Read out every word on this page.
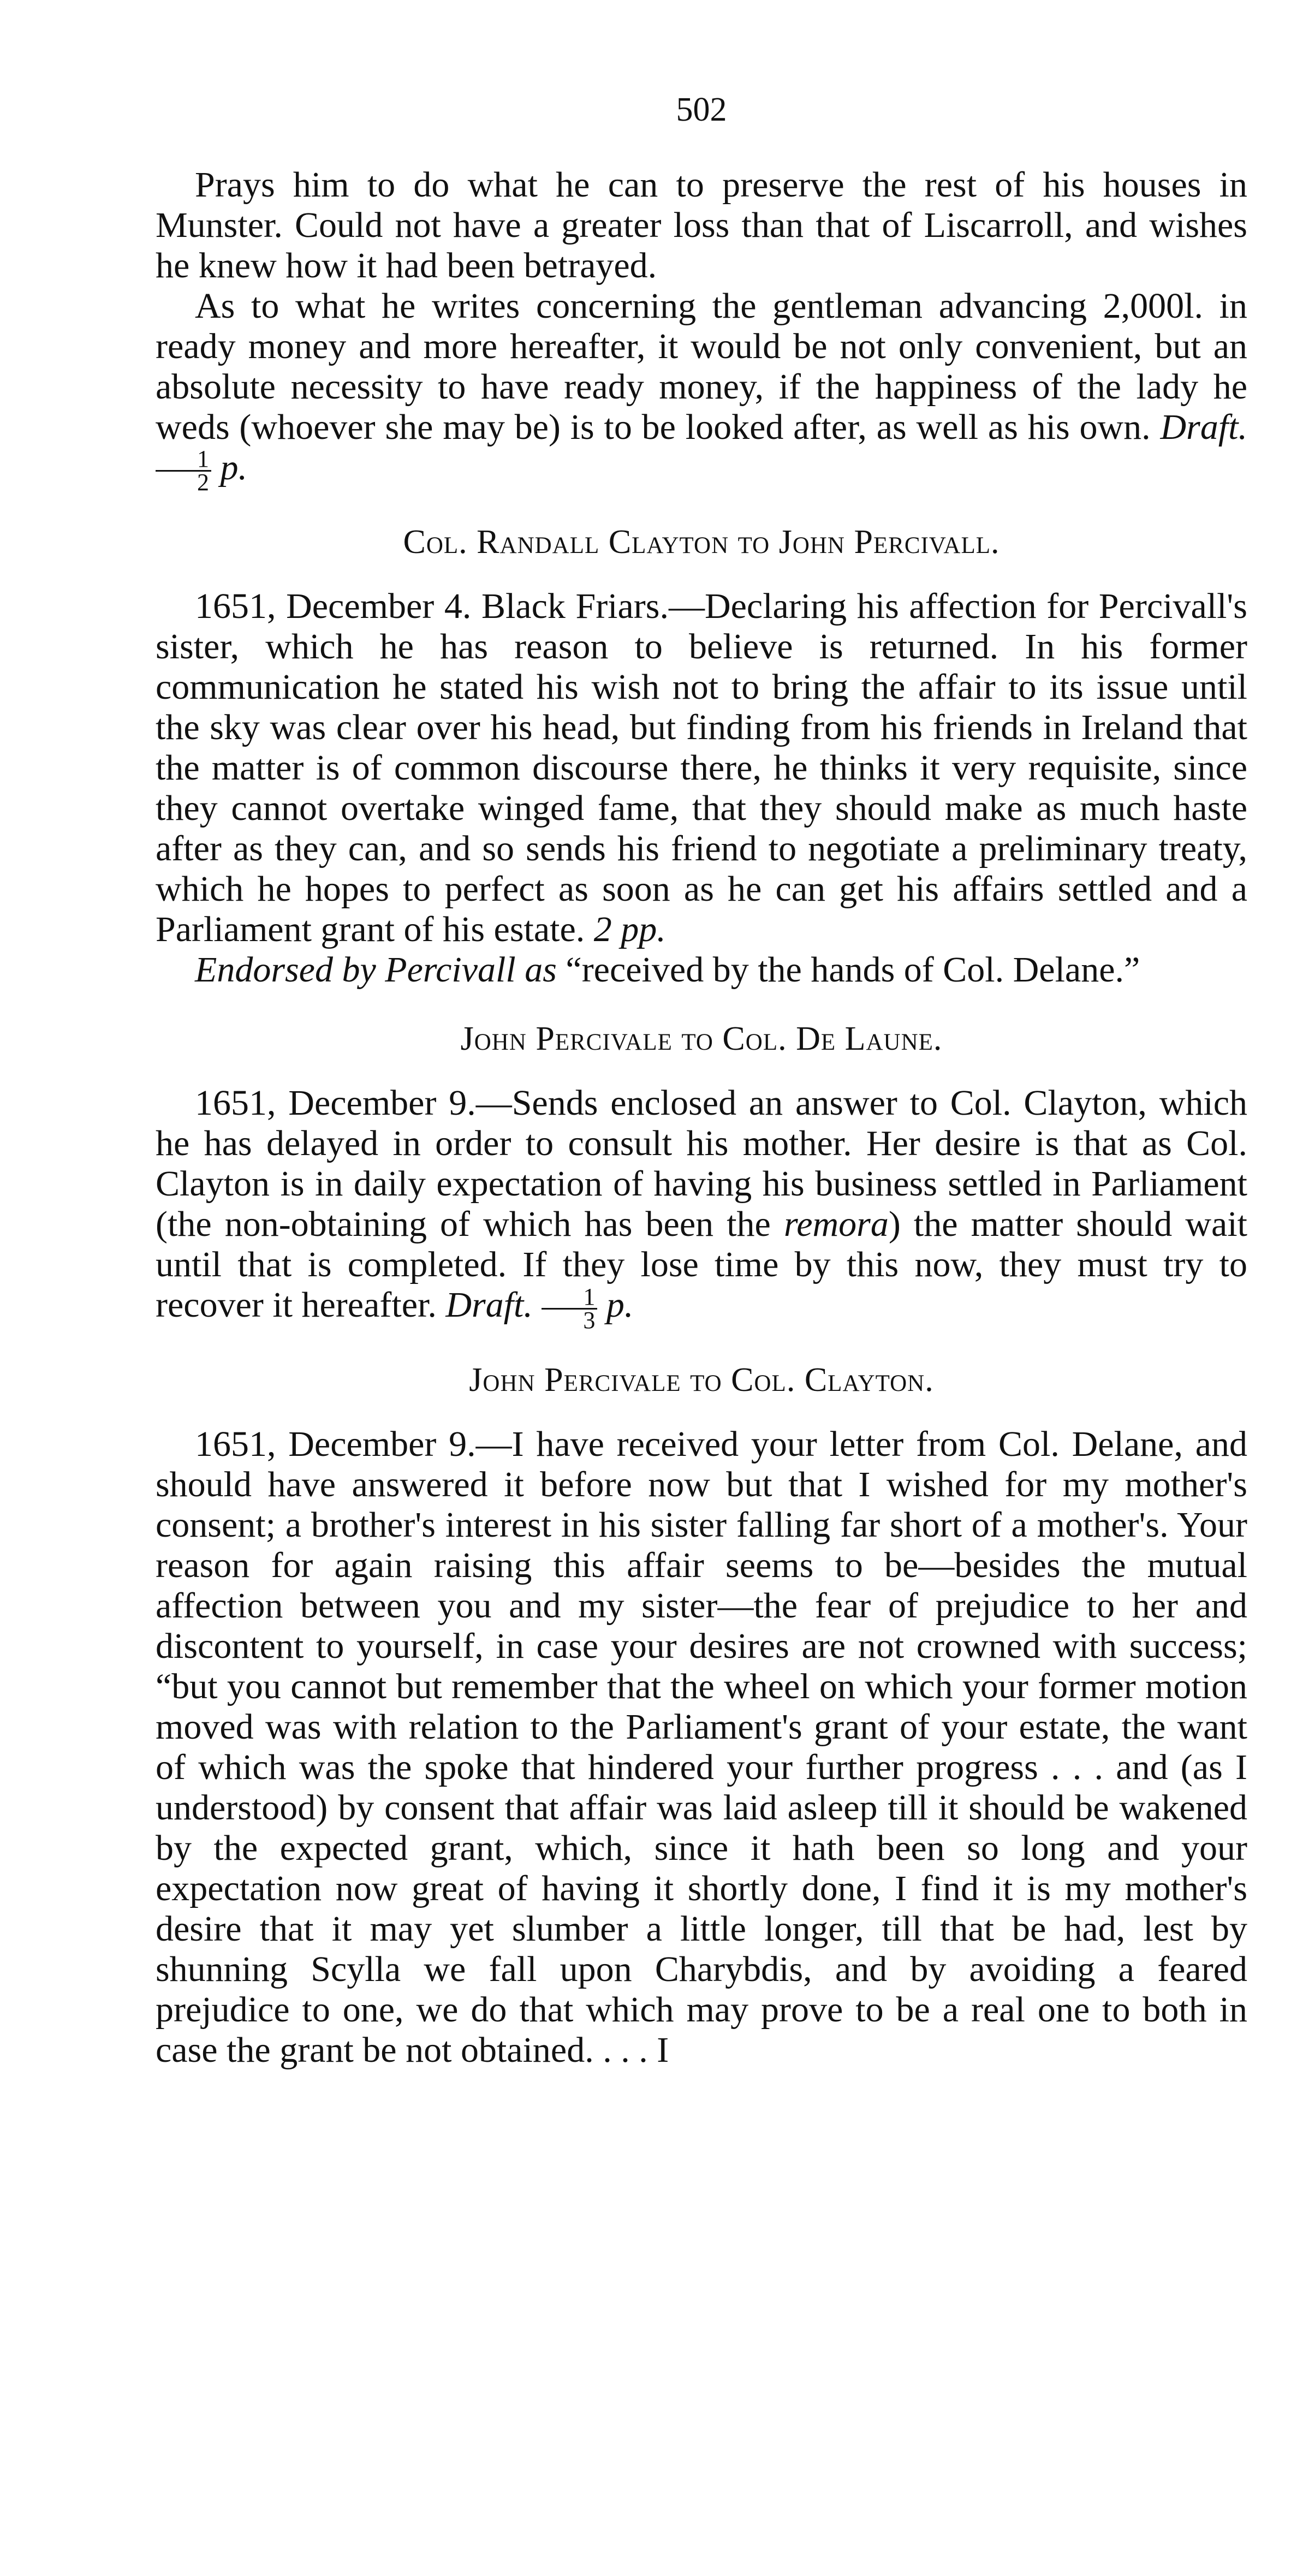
502

Prays him to do what he can to preserve the rest of his houses in Munster. Could not have a greater loss than that of Liscarroll, and wishes he knew how it had been betrayed.

As to what he writes concerning the gentleman advancing 2,000l. in ready money and more hereafter, it would be not only convenient, but an absolute necessity to have ready money, if the happiness of the lady he weds (whoever she may be) is to be looked after, as well as his own. Draft.
$\frac{1}{2} p$.

Col. Randall Clayton to John Percivall.

1651, December 4. Black Friars.—Declaring his affection for Percivall's sister, which he has reason to believe is returned. In his former communication he stated his wish not to bring the affair to its issue until the sky was clear over his head, but finding from his friends in Ireland that the matter is of common discourse there, he thinks it very requisite, since they cannot overtake winged fame, that they should make as much haste after as they can, and so sends his friend to negotiate a preliminary treaty, which he hopes to perfect as soon as he can get his affairs settled and a Parliament grant of his estate. 2 pp.

Endorsed by Percivall as “received by the hands of Col. Delane.”

John Percivale to Col. De Laune.

1651, December 9.—Sends enclosed an answer to Col. Clayton, which he has delayed in order to consult his mother. Her desire is that as Col. Clayton is in daily expectation of having his business settled in Parliament (the non-obtaining of which has been the remora) the matter should wait until that is completed. If they lose time by this now, they must try to recover it hereafter. Draft. $\frac{1}{3} p$.

John Percivale to Col. Clayton.

1651, December 9.—I have received your letter from Col. Delane, and should have answered it before now but that I wished for my mother's consent; a brother's interest in his sister falling far short of a mother's. Your reason for again raising this affair seems to be—besides the mutual affection between you and my sister—the fear of prejudice to her and discontent to yourself, in case your desires are not crowned with success; “but you cannot but remember that the wheel on which your former motion moved was with relation to the Parliament's grant of your estate, the want of which was the spoke that hindered your further progress . . . and (as I understood) by consent that affair was laid asleep till it should be wakened by the expected grant, which, since it hath been so long and your expectation now great of having it shortly done, I find it is my mother's desire that it may yet slumber a little longer, till that be had, lest by shunning Scylla we fall upon Charybdis, and by avoiding a feared prejudice to one, we do that which may prove to be a real one to both in case the grant be not obtained. . . . I
